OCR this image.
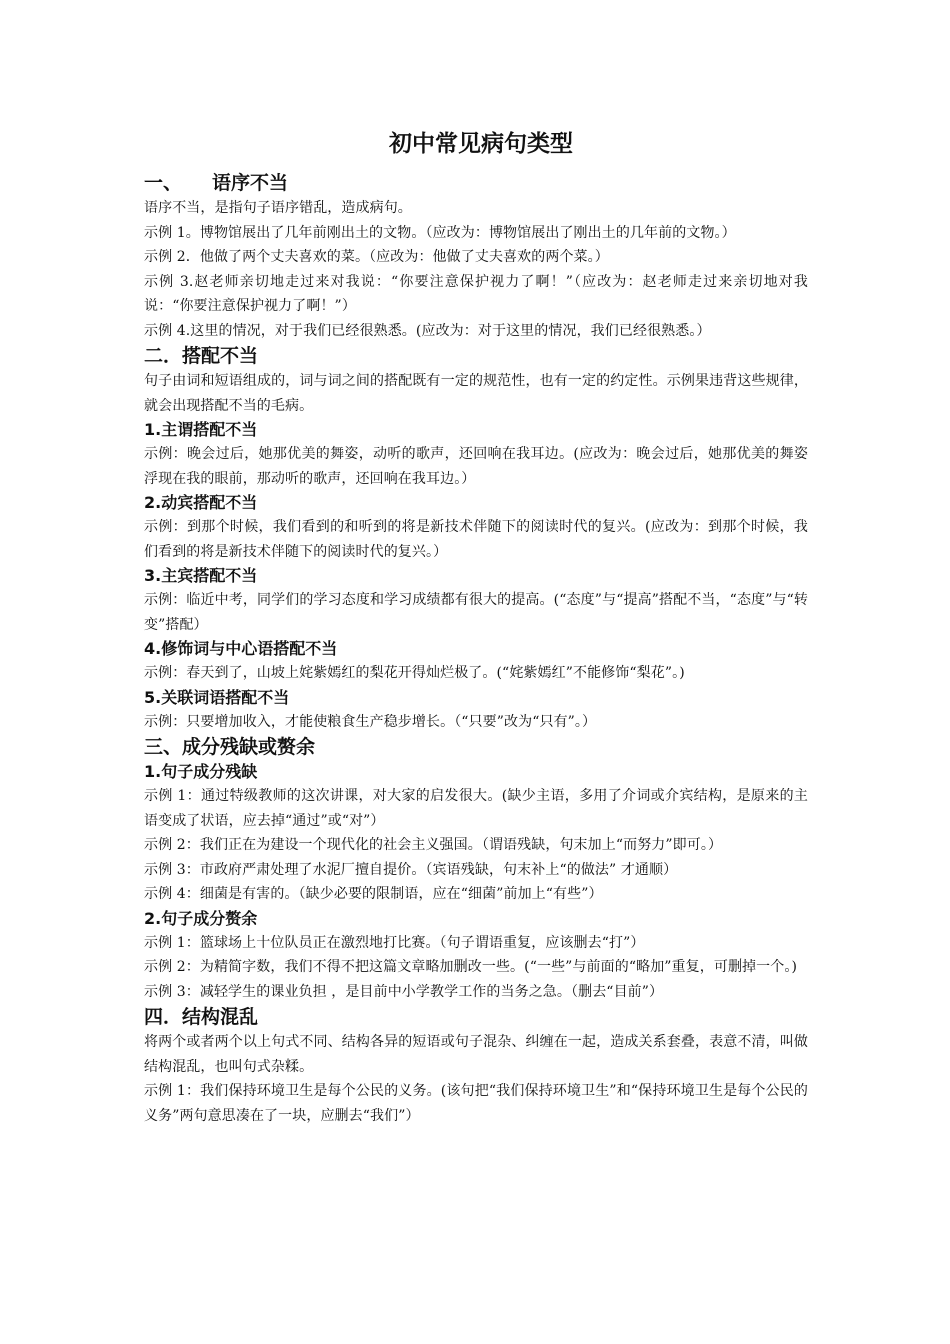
初中常见病句类型
一、 语序不当

语序不当，是指句子语序错乱，造成病句。

示例 1。博物馆展出了几年前刚出土的文物。（应改为：博物馆展出了刚出土的几年前的文物。）

示例 2．他做了两个丈夫喜欢的菜。（应改为：他做了丈夫喜欢的两个菜。）

示例 3.赵老师亲切地走过来对我说：“你要注意保护视力了啊！”（应改为：赵老师走过来亲切地对我说：“你要注意保护视力了啊！”）

示例 4.这里的情况，对于我们已经很熟悉。(应改为：对于这里的情况，我们已经很熟悉。）

二．搭配不当

句子由词和短语组成的，词与词之间的搭配既有一定的规范性，也有一定的约定性。示例果违背这些规律，就会出现搭配不当的毛病。

1.主谓搭配不当

示例：晚会过后，她那优美的舞姿，动听的歌声，还回响在我耳边。(应改为：晚会过后，她那优美的舞姿浮现在我的眼前，那动听的歌声，还回响在我耳边。）

2.动宾搭配不当

示例：到那个时候，我们看到的和听到的将是新技术伴随下的阅读时代的复兴。(应改为：到那个时候，我们看到的将是新技术伴随下的阅读时代的复兴。）

3.主宾搭配不当

示例：临近中考，同学们的学习态度和学习成绩都有很大的提高。(“态度”与“提高”搭配不当，“态度”与“转变”搭配）

4.修饰词与中心语搭配不当

示例：春天到了，山坡上姹紫嫣红的梨花开得灿烂极了。(“姹紫嫣红”不能修饰“梨花”。)

5.关联词语搭配不当

示例：只要增加收入，才能使粮食生产稳步增长。（“只要”改为“只有”。）

三、成分残缺或赘余
1.句子成分残缺

示例 1：通过特级教师的这次讲课，对大家的启发很大。(缺少主语，多用了介词或介宾结构，是原来的主语变成了状语，应去掉“通过”或“对”）

示例 2：我们正在为建设一个现代化的社会主义强国。（谓语残缺，句末加上“而努力”即可。）

示例 3：市政府严肃处理了水泥厂擅自提价。（宾语残缺，句末补上“的做法” 才通顺）

示例 4：细菌是有害的。（缺少必要的限制语，应在“细菌”前加上“有些”）

2.句子成分赘余

示例 1：篮球场上十位队员正在激烈地打比赛。（句子谓语重复，应该删去“打”）

示例 2：为精简字数，我们不得不把这篇文章略加删改一些。(“一些”与前面的“略加”重复，可删掉一个。)

示例 3：减轻学生的课业负担 ，是目前中小学教学工作的当务之急。（删去“目前”）

四．结构混乱

将两个或者两个以上句式不同、结构各异的短语或句子混杂、纠缠在一起，造成关系套叠，表意不清，叫做结构混乱，也叫句式杂糅。

示例 1：我们保持环境卫生是每个公民的义务。(该句把“我们保持环境卫生”和“保持环境卫生是每个公民的义务”两句意思凑在了一块，应删去“我们”）
